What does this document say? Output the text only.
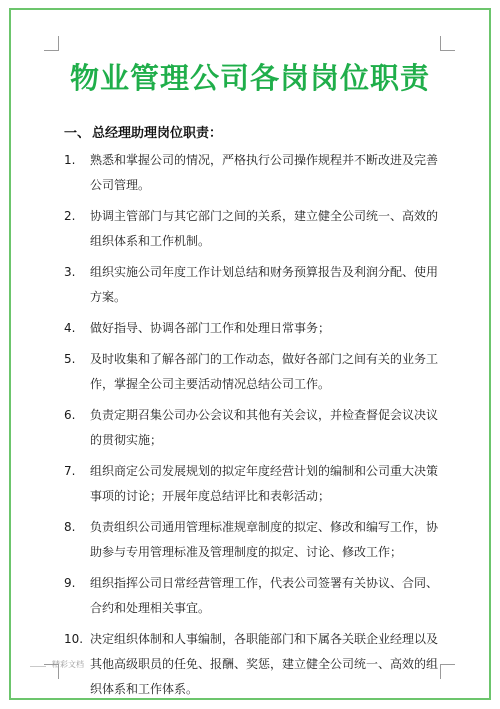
物业管理公司各岗岗位职责
一、 总经理助理岗位职责：
1.	熟悉和掌握公司的情况，严格执行公司操作规程并不断改进及完善公司管理。
2.	协调主管部门与其它部门之间的关系，建立健全公司统一、高效的组织体系和工作机制。
3.	组织实施公司年度工作计划总结和财务预算报告及利润分配、使用方案。
4.	做好指导、协调各部门工作和处理日常事务；
5.	及时收集和了解各部门的工作动态，做好各部门之间有关的业务工作，掌握全公司主要活动情况总结公司工作。
6.	负责定期召集公司办公会议和其他有关会议，并检查督促会议决议的贯彻实施；
7.	组织商定公司发展规划的拟定年度经营计划的编制和公司重大决策事项的讨论；开展年度总结评比和表彰活动；
8.	负责组织公司通用管理标准规章制度的拟定、修改和编写工作，协助参与专用管理标准及管理制度的拟定、讨论、修改工作；
9.	组织指挥公司日常经营管理工作，代表公司签署有关协议、合同、合约和处理相关事宜。
10. 决定组织体制和人事编制，各职能部门和下属各关联企业经理以及其他高级职员的任免、报酬、奖惩，建立健全公司统一、高效的组织体系和工作体系。
精彩文档
